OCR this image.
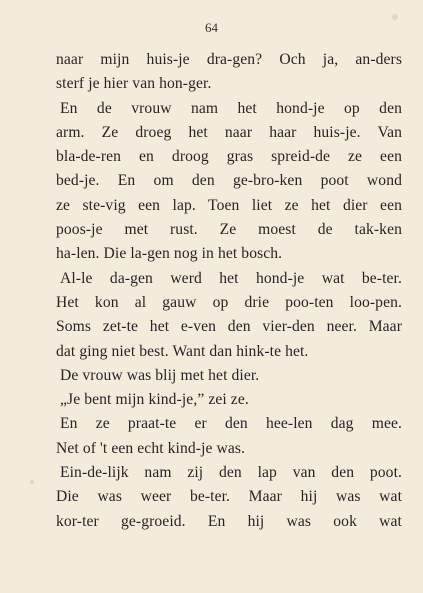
64
naar mijn huis-je dra-gen? Och ja, an-ders
sterf je hier van hon-ger.
En de vrouw nam het hond-je op den
arm. Ze droeg het naar haar huis-je. Van
bla-de-ren en droog gras spreid-de ze een
bed-je. En om den ge-bro-ken poot wond
ze ste-vig een lap. Toen liet ze het dier een
poos-je met rust. Ze moest de tak-ken
ha-len. Die la-gen nog in het bosch.
Al-le da-gen werd het hond-je wat be-ter.
Het kon al gauw op drie poo-ten loo-pen.
Soms zet-te het e-ven den vier-den neer. Maar
dat ging niet best. Want dan hink-te het.
De vrouw was blij met het dier.
„Je bent mijn kind-je,” zei ze.
En ze praat-te er den hee-len dag mee.
Net of 't een echt kind-je was.
Ein-de-lijk nam zij den lap van den poot.
Die was weer be-ter. Maar hij was wat
kor-ter ge-groeid. En hij was ook wat
